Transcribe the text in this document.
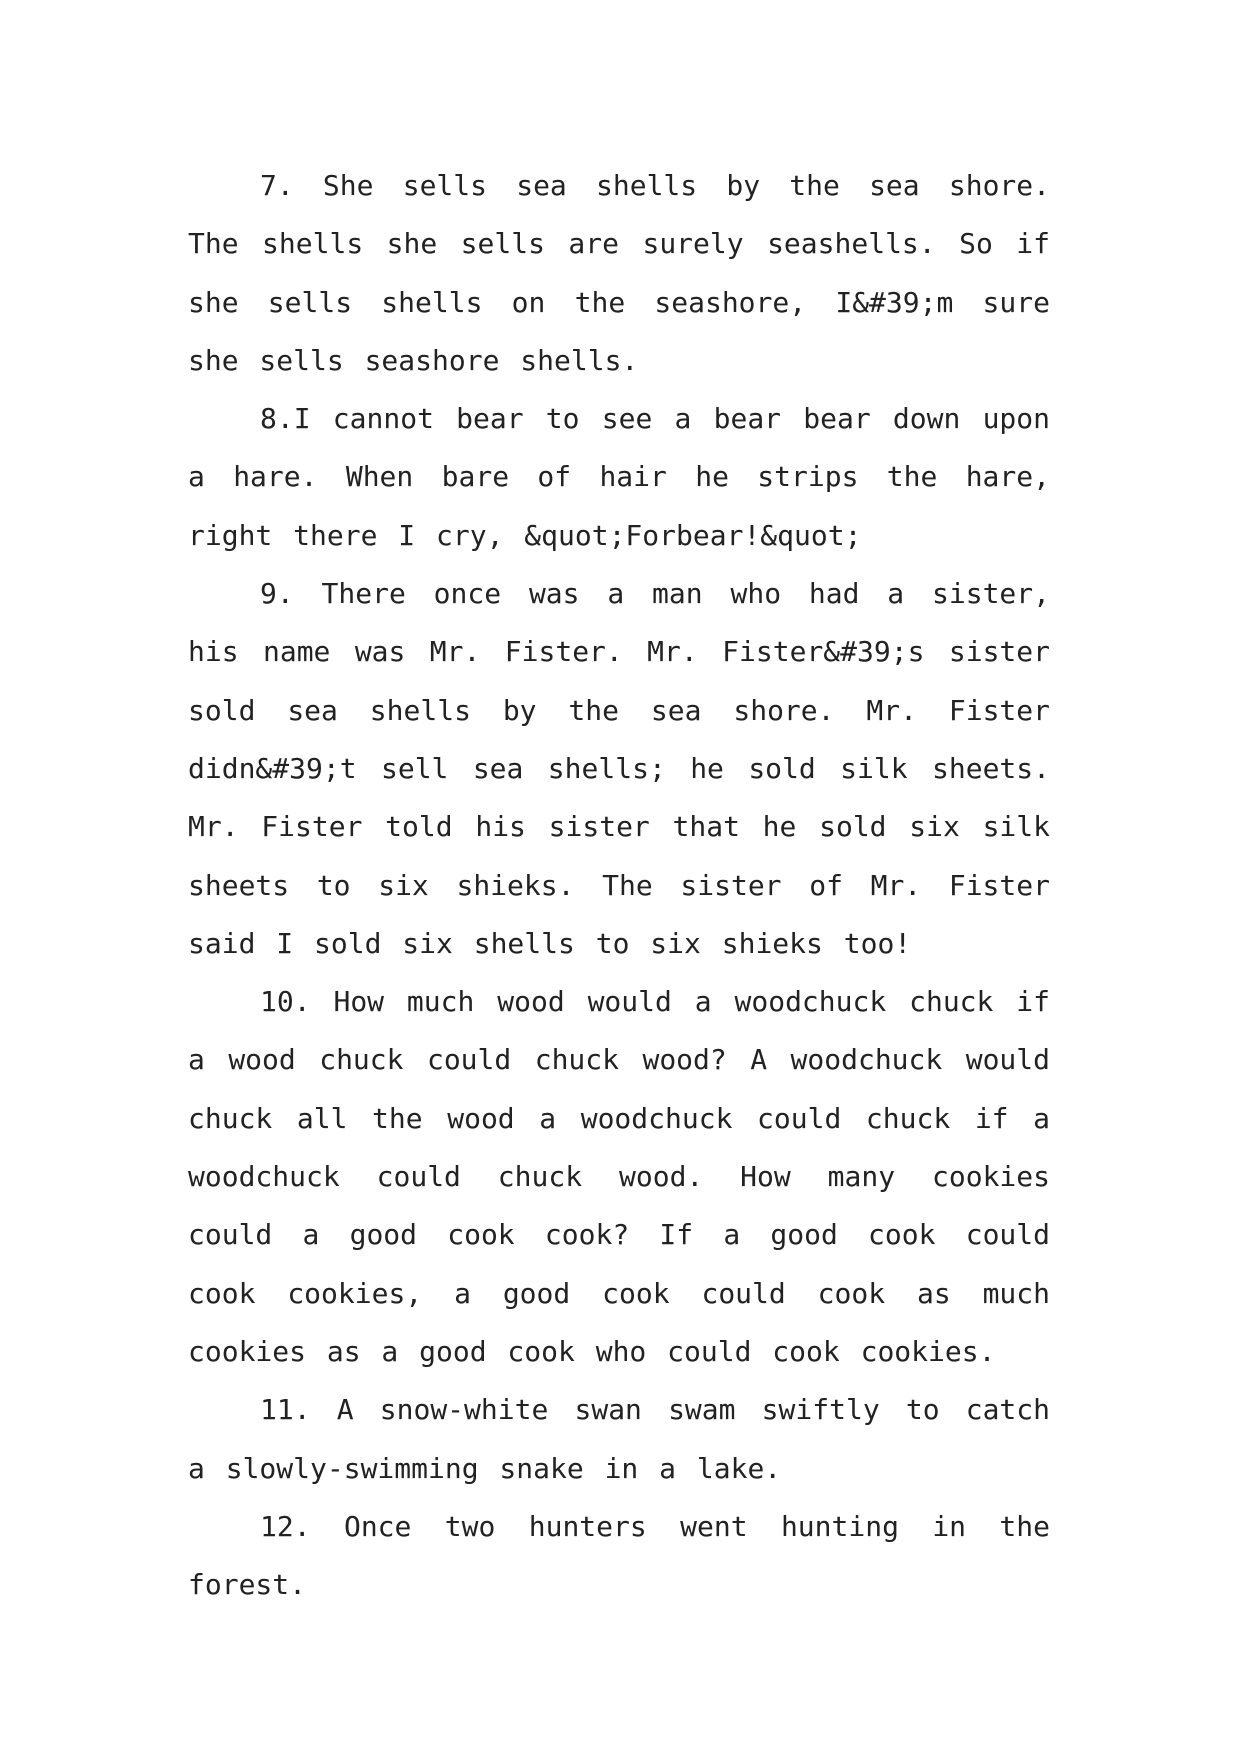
7. She sells sea shells by the sea shore. The shells she sells are surely seashells. So if she sells shells on the seashore, I&#39;m sure she sells seashore shells.

8.I cannot bear to see a bear bear down upon a hare. When bare of hair he strips the hare, right there I cry, &quot;Forbear!&quot;

9. There once was a man who had a sister, his name was Mr. Fister. Mr. Fister&#39;s sister sold sea shells by the sea shore. Mr. Fister didn&#39;t sell sea shells; he sold silk sheets. Mr. Fister told his sister that he sold six silk sheets to six shieks. The sister of Mr. Fister said I sold six shells to six shieks too!

10. How much wood would a woodchuck chuck if a wood chuck could chuck wood? A woodchuck would chuck all the wood a woodchuck could chuck if a woodchuck could chuck wood. How many cookies could a good cook cook? If a good cook could cook cookies, a good cook could cook as much cookies as a good cook who could cook cookies.

11. A snow-white swan swam swiftly to catch a slowly-swimming snake in a lake.

12. Once two hunters went hunting in the forest.
